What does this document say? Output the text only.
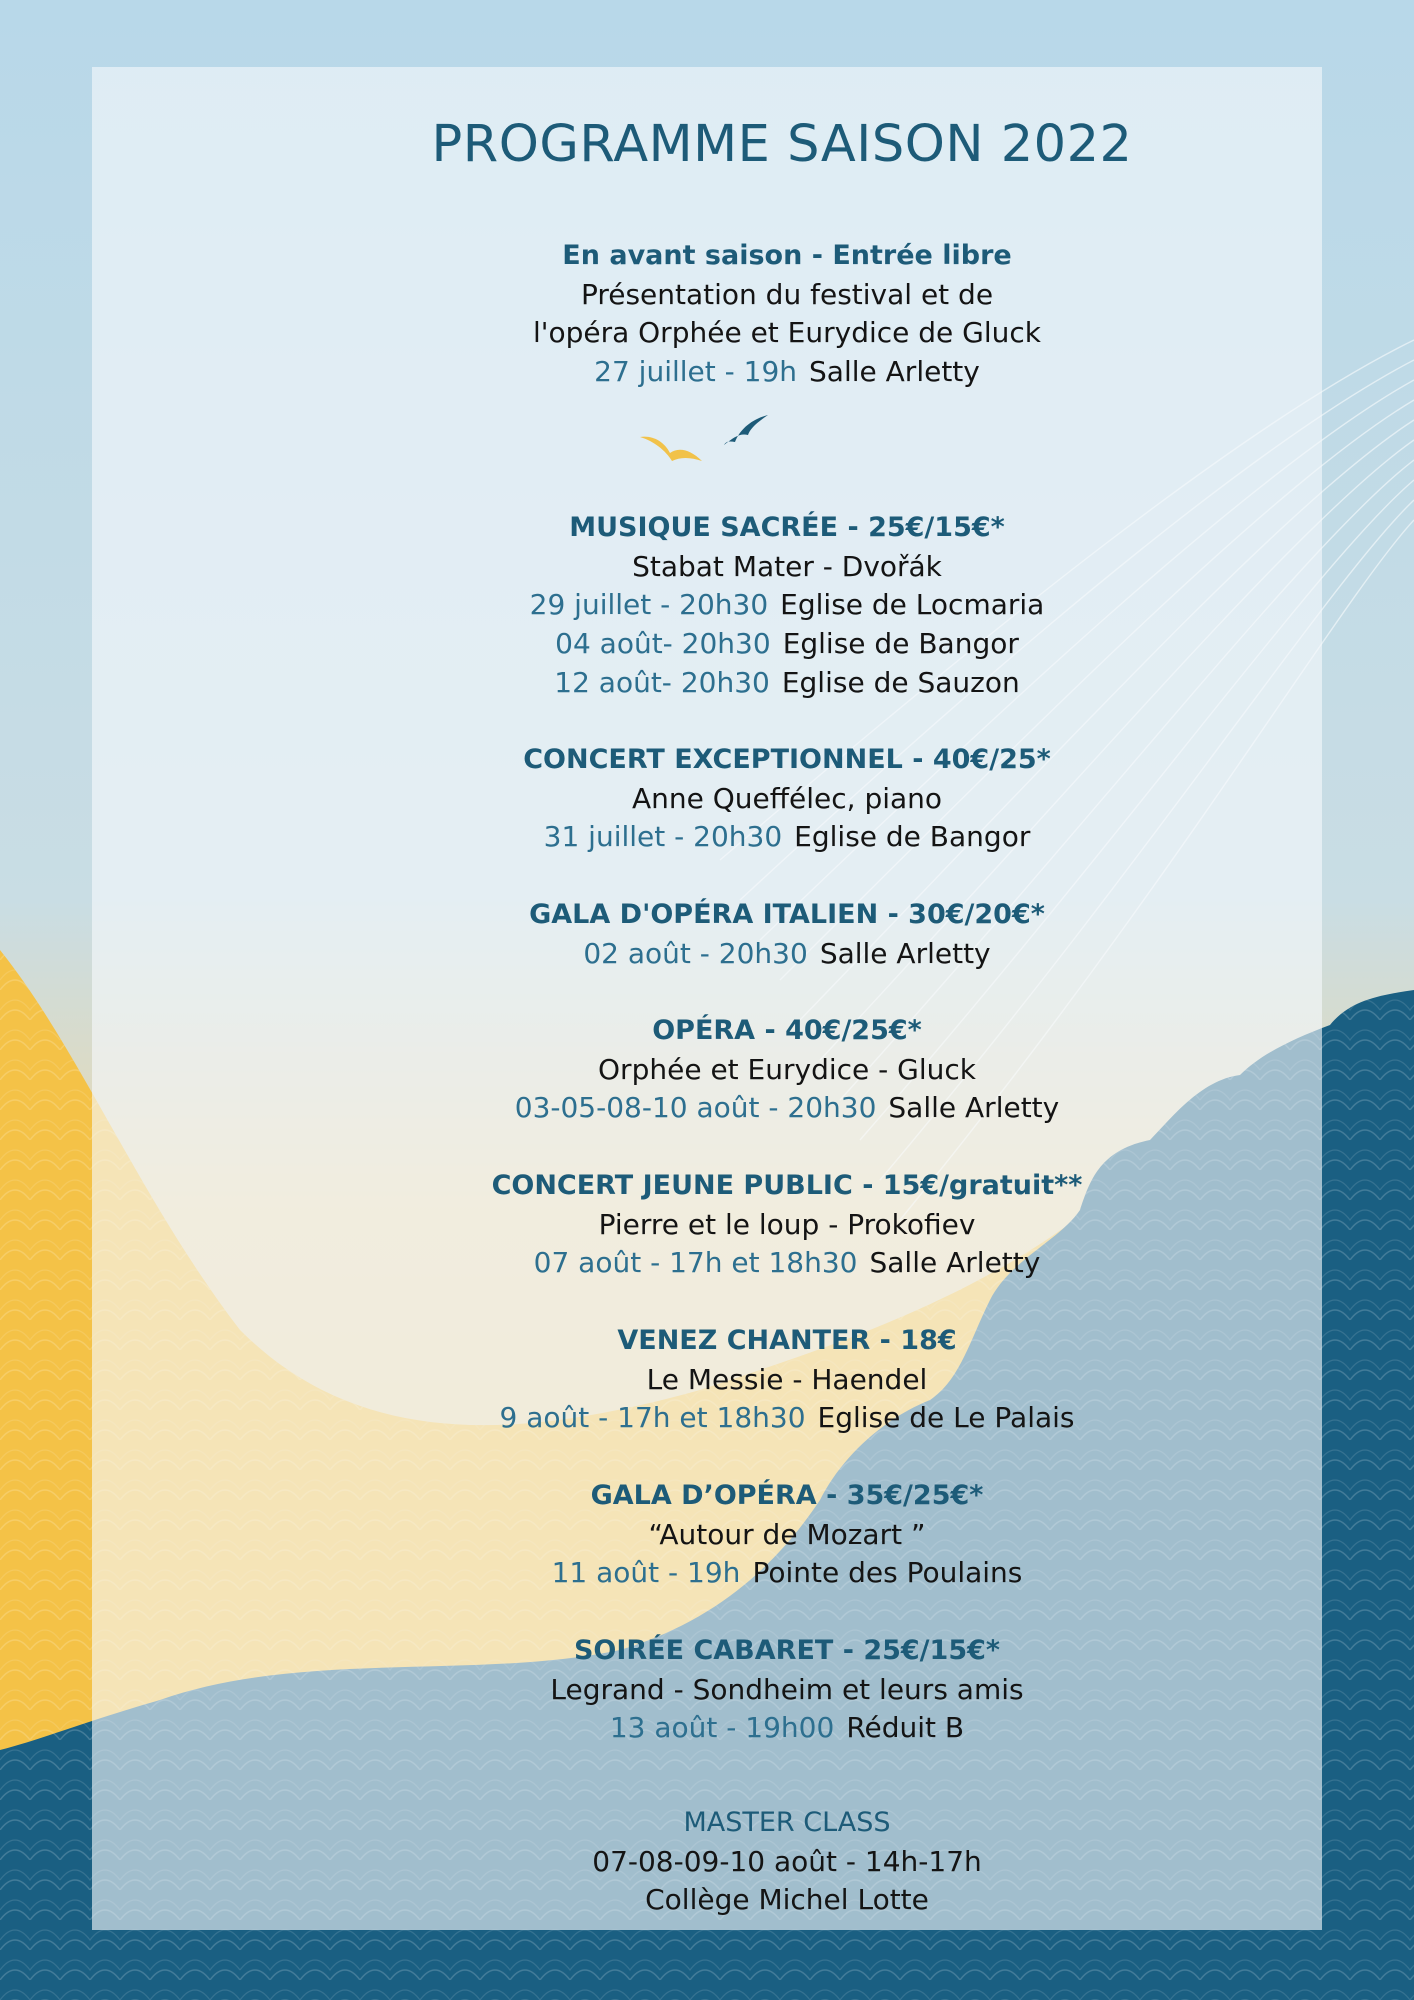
PROGRAMME SAISON 2022
En avant saison - Entrée libre
Présentation du festival et de
l'opéra Orphée et Eurydice de Gluck
27 juillet - 19h Salle Arletty
MUSIQUE SACRÉE - 25€/15€*
Stabat Mater - Dvořák
29 juillet - 20h30 Eglise de Locmaria
04 août- 20h30 Eglise de Bangor
12 août- 20h30 Eglise de Sauzon
CONCERT EXCEPTIONNEL - 40€/25*
Anne Queffélec, piano
31 juillet - 20h30 Eglise de Bangor
GALA D'OPÉRA ITALIEN - 30€/20€*
02 août - 20h30 Salle Arletty
OPÉRA - 40€/25€*
Orphée et Eurydice - Gluck
03-05-08-10 août - 20h30 Salle Arletty
CONCERT JEUNE PUBLIC - 15€/gratuit**
Pierre et le loup - Prokofiev
07 août - 17h et 18h30 Salle Arletty
VENEZ CHANTER - 18€
Le Messie - Haendel
9 août - 17h et 18h30 Eglise de Le Palais
GALA D’OPÉRA - 35€/25€*
“Autour de Mozart ”
11 août - 19h Pointe des Poulains
SOIRÉE CABARET - 25€/15€*
Legrand - Sondheim et leurs amis
13 août - 19h00 Réduit B
MASTER CLASS
07-08-09-10 août - 14h-17h
Collège Michel Lotte
